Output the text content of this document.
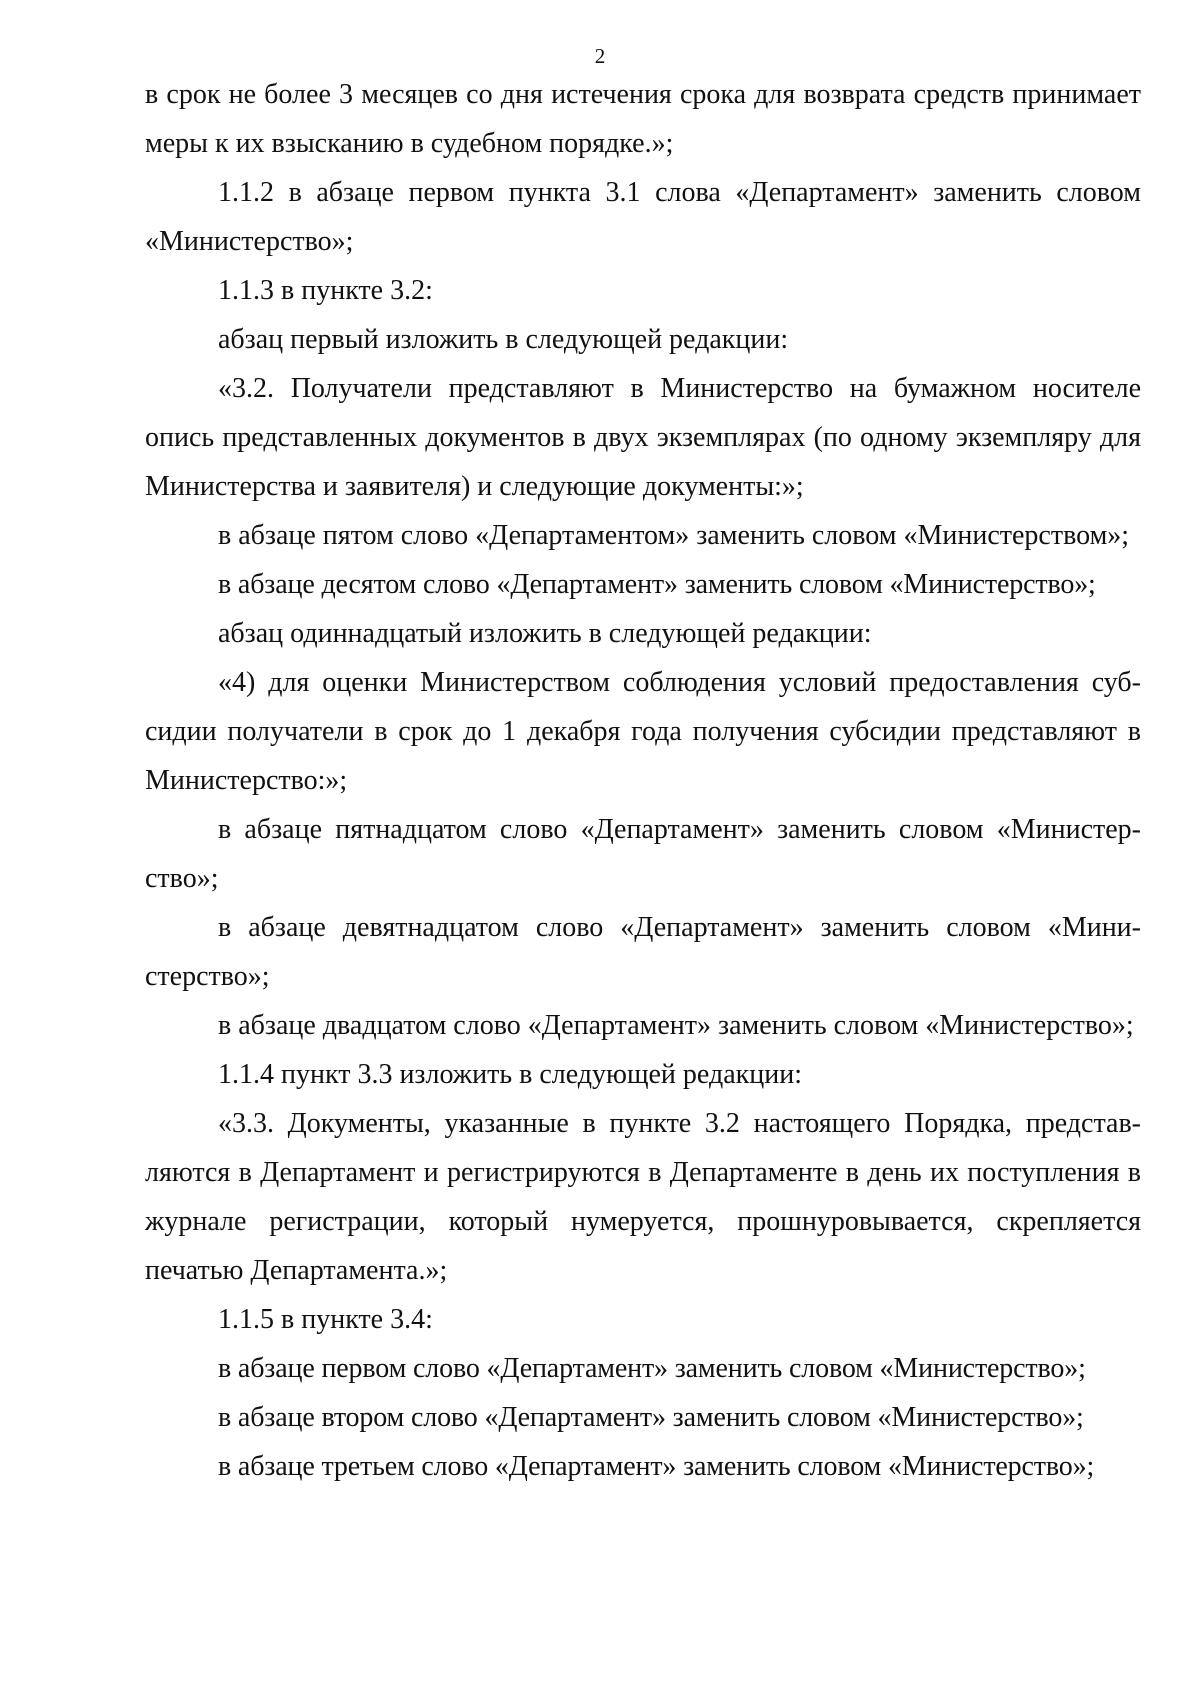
2

в срок не более 3 месяцев со дня истечения срока для возврата средств принимает меры к их взысканию в судебном порядке.»;

1.1.2 в абзаце первом пункта 3.1 слова «Департамент» заменить словом «Министерство»;

1.1.3 в пункте 3.2:

абзац первый изложить в следующей редакции:

«3.2. Получатели представляют в Министерство на бумажном носителе опись представленных документов в двух экземплярах (по одному экземпляру для Министерства и заявителя) и следующие документы:»;

в абзаце пятом слово «Департаментом» заменить словом «Министерством»;

в абзаце десятом слово «Департамент» заменить словом «Министерство»;

абзац одиннадцатый изложить в следующей редакции:

«4) для оценки Министерством соблюдения условий предоставления субсидии получатели в срок до 1 декабря года получения субсидии представляют в Министерство:»;

в абзаце пятнадцатом слово «Департамент» заменить словом «Министерство»;

в абзаце девятнадцатом слово «Департамент» заменить словом «Министерство»;

в абзаце двадцатом слово «Департамент» заменить словом «Министерство»;

1.1.4 пункт 3.3 изложить в следующей редакции:

«3.3. Документы, указанные в пункте 3.2 настоящего Порядка, представляются в Департамент и регистрируются в Департаменте в день их поступления в журнале регистрации, который нумеруется, прошнуровывается, скрепляется печатью Департамента.»;

1.1.5 в пункте 3.4:

в абзаце первом слово «Департамент» заменить словом «Министерство»;

в абзаце втором слово «Департамент» заменить словом «Министерство»;

в абзаце третьем слово «Департамент» заменить словом «Министерство»;
